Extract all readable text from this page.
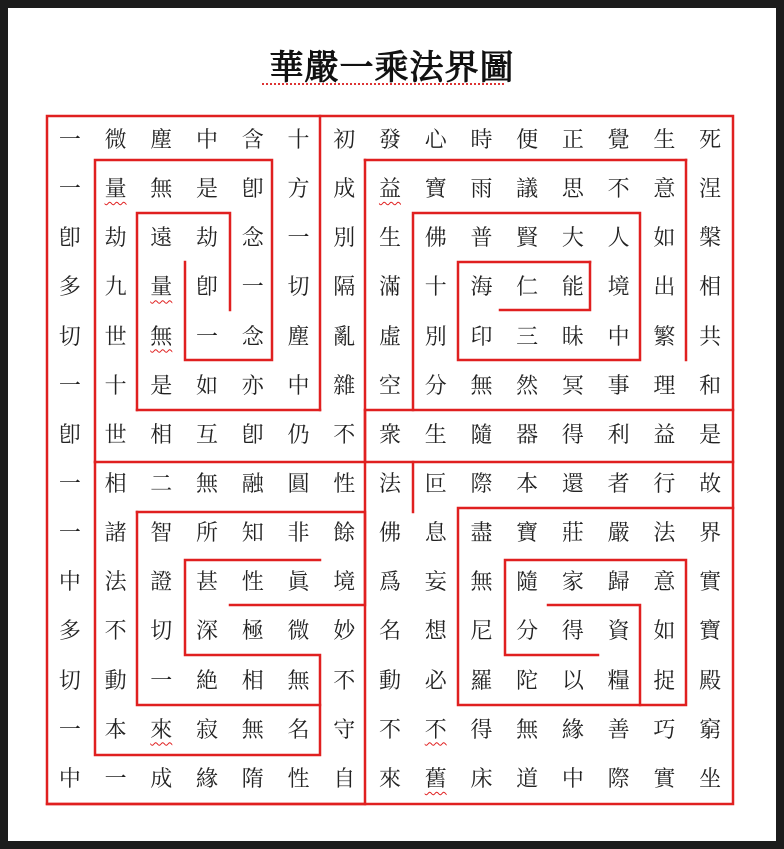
華嚴一乘法界圖
一	微	塵	中	含	十	初	發	心	時	便	正	覺	生	死
一	量	無	是	卽	方	成	益	寶	雨	議	思	不	意	涅
卽	劫	遠	劫	念	一	別	生	佛	普	賢	大	人	如	槃
多	九	量	卽	一	切	隔	滿	十	海	仁	能	境	出	相
切	世	無	一	念	塵	亂	虛	別	印	三	昧	中	繁	共
一	十	是	如	亦	中	雜	空	分	無	然	冥	事	理	和
卽	世	相	互	卽	仍	不	衆	生	隨	器	得	利	益	是
一	相	二	無	融	圓	性	法	叵	際	本	還	者	行	故
一	諸	智	所	知	非	餘	佛	息	盡	寶	莊	嚴	法	界
中	法	證	甚	性	眞	境	爲	妄	無	隨	家	歸	意	實
多	不	切	深	極	微	妙	名	想	尼	分	得	資	如	寶
切	動	一	絶	相	無	不	動	必	羅	陀	以	糧	捉	殿
一	本	來	寂	無	名	守	不	不	得	無	緣	善	巧	窮
中	一	成	緣	隋	性	自	來	舊	床	道	中	際	實	坐
